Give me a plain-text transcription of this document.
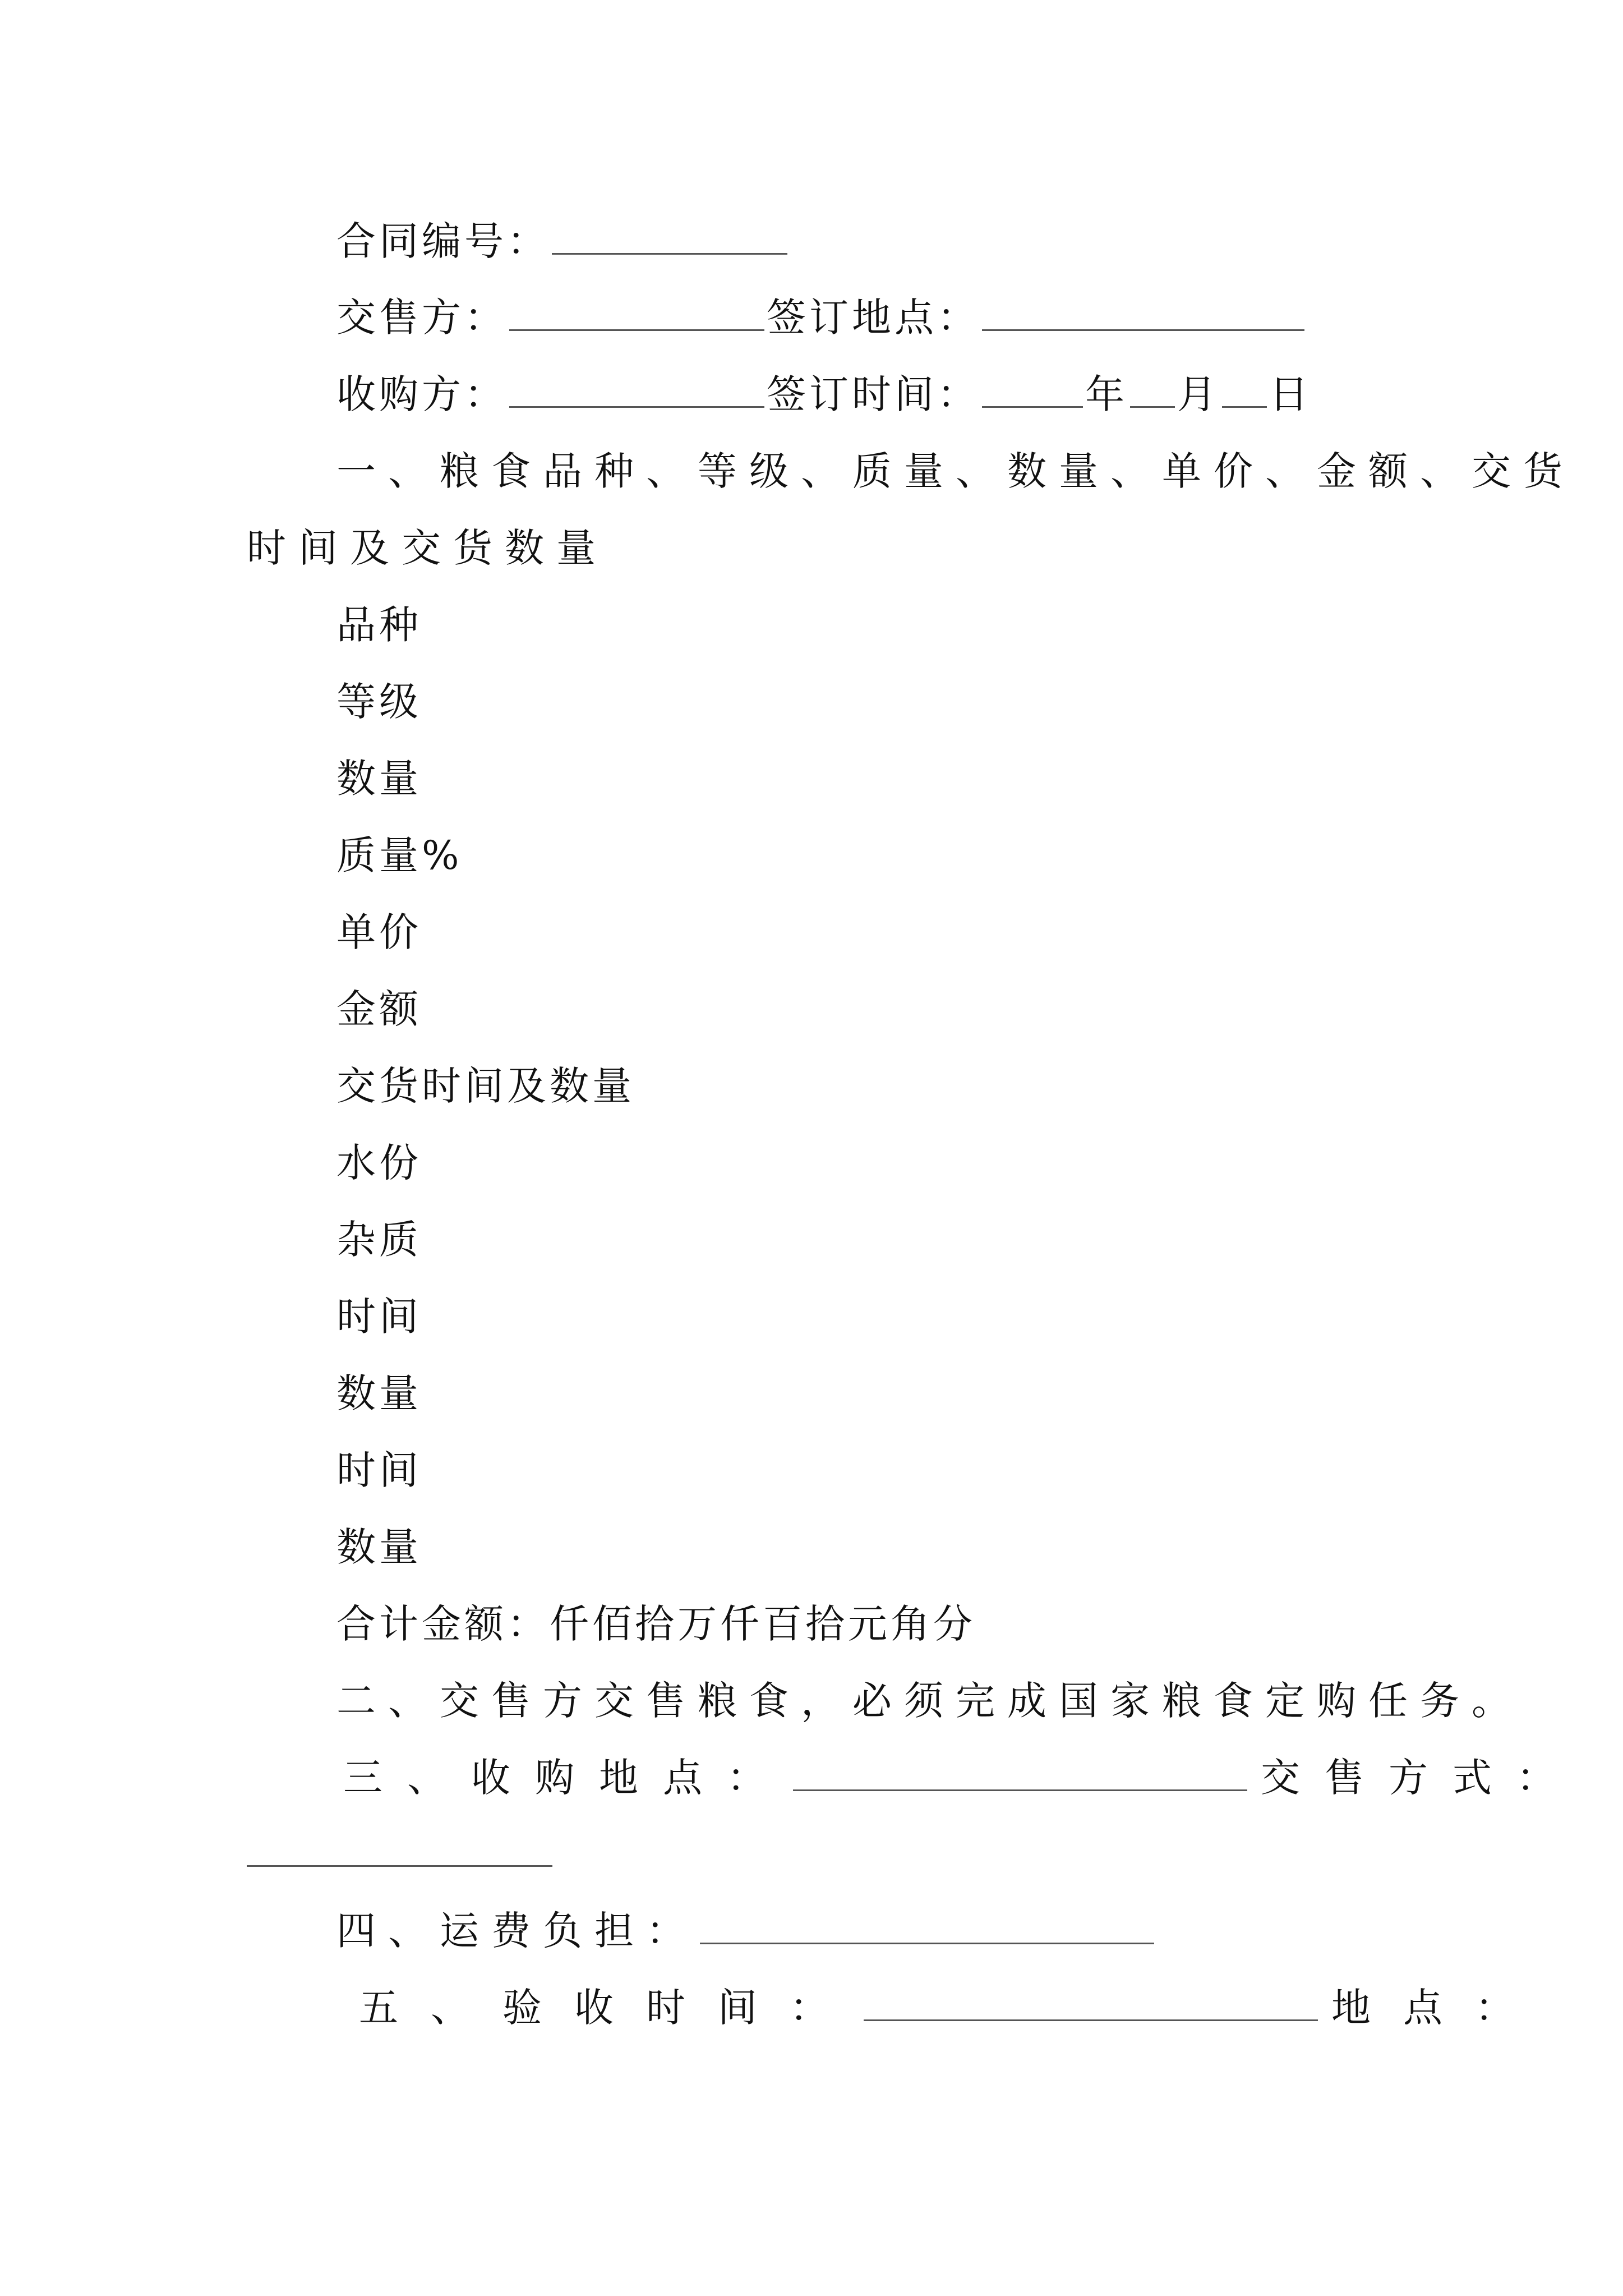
合同编号：
交售方：	签订地点：
收购方：	签订时间：	年 月 日
一、粮食品种、等级、质量、数量、单价、金额、交货
时间及交货数量
品种
等级
数量
质量%
单价
金额
交货时间及数量
水份
杂质
时间
数量
时间
数量
合计金额：仟佰拾万仟百拾元角分
二、交售方交售粮食，必须完成国家粮食定购任务。
三、收购地点：	交售方式：
四、运费负担：
五、验收时间：	地点：
